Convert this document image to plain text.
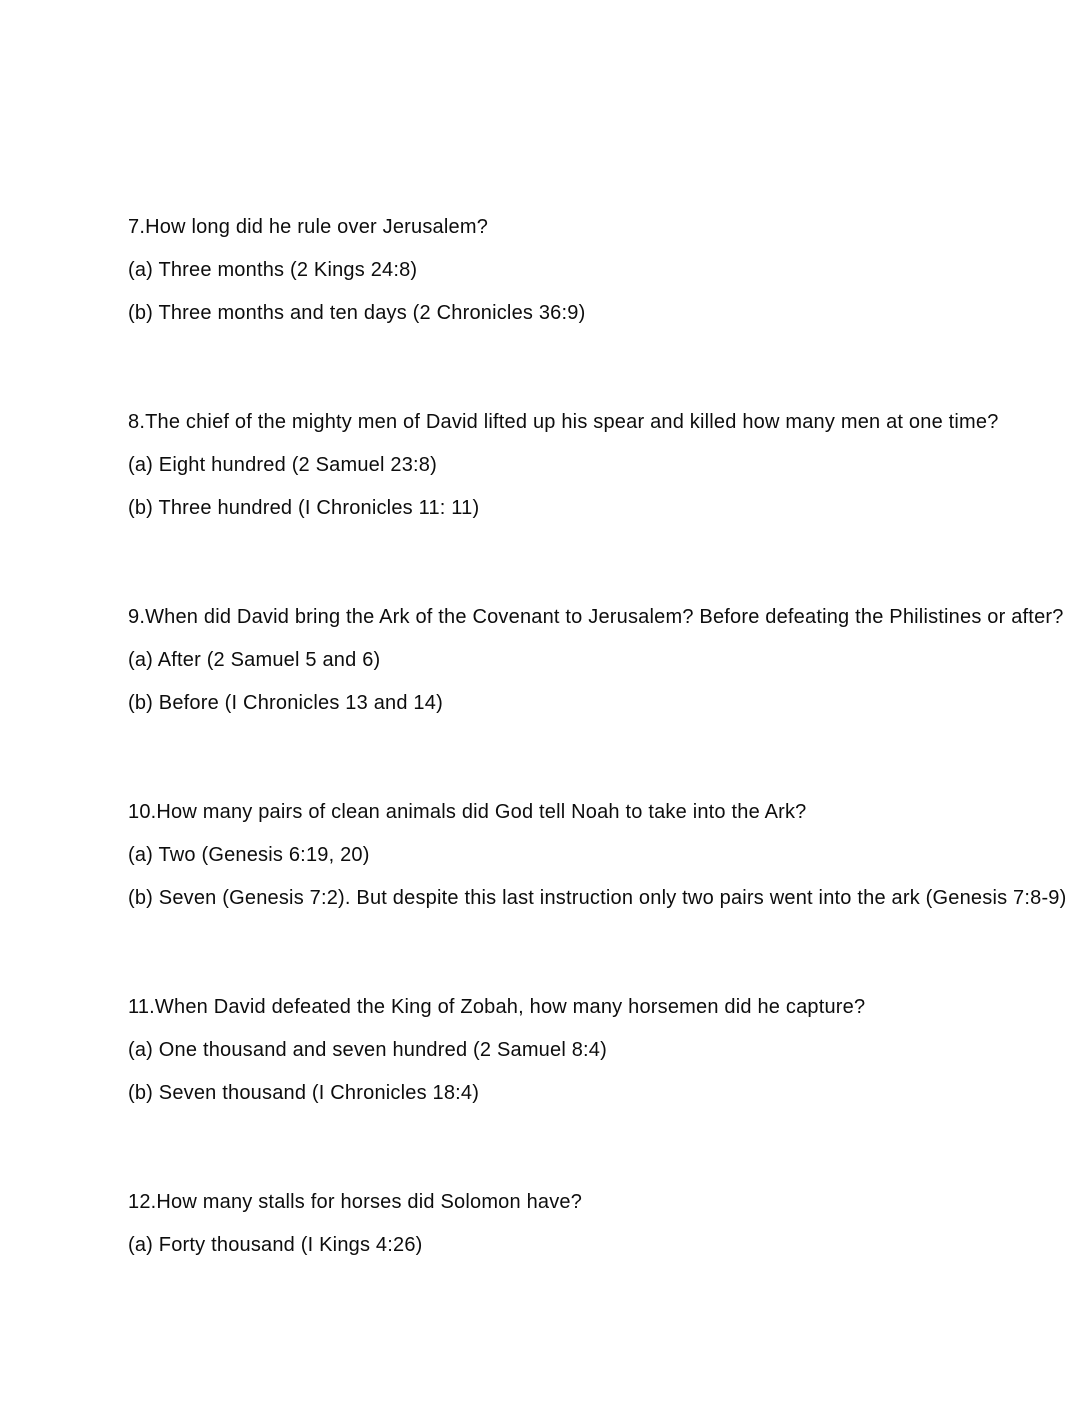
7.How long did he rule over Jerusalem?
(a) Three months (2 Kings 24:8)
(b) Three months and ten days (2 Chronicles 36:9)
8.The chief of the mighty men of David lifted up his spear and killed how many men at one time?
(a) Eight hundred (2 Samuel 23:8)
(b) Three hundred (I Chronicles 11: 11)
9.When did David bring the Ark of the Covenant to Jerusalem? Before defeating the Philistines or after?
(a) After (2 Samuel 5 and 6)
(b) Before (I Chronicles 13 and 14)
10.How many pairs of clean animals did God tell Noah to take into the Ark?
(a) Two (Genesis 6:19, 20)
(b) Seven (Genesis 7:2). But despite this last instruction only two pairs went into the ark (Genesis 7:8-9)
11.When David defeated the King of Zobah, how many horsemen did he capture?
(a) One thousand and seven hundred (2 Samuel 8:4)
(b) Seven thousand (I Chronicles 18:4)
12.How many stalls for horses did Solomon have?
(a) Forty thousand (I Kings 4:26)
